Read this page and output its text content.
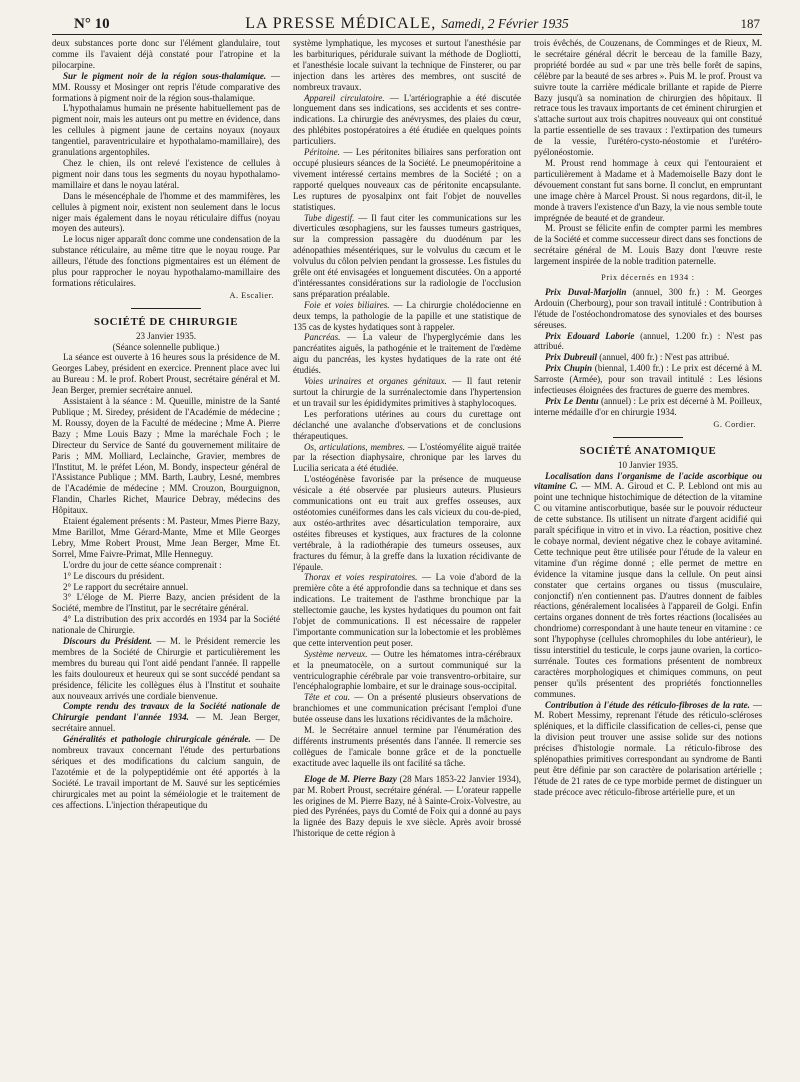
N° 10	LA PRESSE MÉDICALE, Samedi, 2 Février 1935	187

deux substances porte donc sur l'élément glandulaire, tout comme ils l'avaient déjà constaté pour l'atropine et la pilocarpine.

Sur le pigment noir de la région sous-thalamique. — MM. Roussy et Mosinger ont repris l'étude comparative des formations à pigment noir de la région sous-thalamique.

L'hypothalamus humain ne présente habituellement pas de pigment noir, mais les auteurs ont pu mettre en évidence, dans les cellules à pigment jaune de certains noyaux (noyaux tangentiel, paraventriculaire et hypothalamo-mamillaire), des granulations argentophiles.

Chez le chien, ils ont relevé l'existence de cellules à pigment noir dans tous les segments du noyau hypothalamo-mamillaire et dans le noyau latéral.

Dans le mésencéphale de l'homme et des mammifères, les cellules à pigment noir, existent non seulement dans le locus niger mais également dans le noyau réticulaire diffus (noyau moyen des auteurs).

Le locus niger apparaît donc comme une condensation de la substance réticulaire, au même titre que le noyau rouge. Par ailleurs, l'étude des fonctions pigmentaires est un élément de plus pour rapprocher le noyau hypothalamo-mamillaire des formations réticulaires.

A. Escalier.
SOCIÉTÉ DE CHIRURGIE
23 Janvier 1935.
(Séance solennelle publique.)

La séance est ouverte à 16 heures sous la présidence de M. Georges Labey, président en exercice. Prennent place avec lui au Bureau : M. le prof. Robert Proust, secrétaire général et M. Jean Berger, premier secrétaire annuel.

Assistaient à la séance : M. Queuille, ministre de la Santé Publique ; M. Siredey, président de l'Académie de médecine ; M. Roussy, doyen de la Faculté de médecine ; Mme A. Pierre Bazy ; Mme Louis Bazy ; Mme la maréchale Foch ; le Directeur du Service de Santé du gouvernement militaire de Paris ; MM. Molliard, Leclainche, Gravier, membres de l'Institut, M. le préfet Léon, M. Bondy, inspecteur général de l'Assistance Publique ; MM. Barth, Laubry, Lesné, membres de l'Académie de médecine ; MM. Crouzon, Bourguignon, Flandin, Charles Richet, Maurice Debray, médecins des Hôpitaux.

Etaient également présents : M. Pasteur, Mmes Pierre Bazy, Mme Barillot, Mme Gérard-Mante, Mme et Mlle Georges Lebry, Mme Robert Proust, Mme Jean Berger, Mme Et. Sorrel, Mme Faivre-Primat, Mlle Henneguy.

L'ordre du jour de cette séance comprenait :

1° Le discours du président.

2° Le rapport du secrétaire annuel.

3° L'éloge de M. Pierre Bazy, ancien président de la Société, membre de l'Institut, par le secrétaire général.

4° La distribution des prix accordés en 1934 par la Société nationale de Chirurgie.

Discours du Président. — M. le Président remercie les membres de la Société de Chirurgie et particulièrement les membres du bureau qui l'ont aidé pendant l'année. Il rappelle les faits douloureux et heureux qui se sont succédé pendant sa présidence, félicite les collègues élus à l'Institut et souhaite aux nouveaux arrivés une cordiale bienvenue.

Compte rendu des travaux de la Société nationale de Chirurgie pendant l'année 1934. — M. Jean Berger, secrétaire annuel.

Généralités et pathologie chirurgicale générale. — De nombreux travaux concernant l'étude des perturbations sériques et des modifications du calcium sanguin, de l'azotémie et de la polypeptidémie ont été apportés à la Société. Le travail important de M. Sauvé sur les septicémies chirurgicales met au point la séméiologie et le traitement de ces affections. L'injection thérapeutique du

système lymphatique, les mycoses et surtout l'anesthésie par les barbituriques, péridurale suivant la méthode de Dogliotti, et l'anesthésie locale suivant la technique de Finsterer, ou par injection dans les artères des membres, ont suscité de nombreux travaux.

Appareil circulatoire. — L'artériographie a été discutée longuement dans ses indications, ses accidents et ses contre-indications. La chirurgie des anévrysmes, des plaies du cœur, des phlébites postopératoires a été étudiée en quelques points particuliers.

Péritoine. — Les péritonites biliaires sans perforation ont occupé plusieurs séances de la Société. Le pneumopéritoine a vivement intéressé certains membres de la Société ; on a rapporté quelques nouveaux cas de péritonite encapsulante. Les ruptures de pyosalpinx ont fait l'objet de nouvelles statistiques.

Tube digestif. — Il faut citer les communications sur les diverticules œsophagiens, sur les fausses tumeurs gastriques, sur la compression passagère du duodénum par les adénopathies mésentériques, sur le volvulus du cæcum et le volvulus du côlon pelvien pendant la grossesse. Les fistules du grêle ont été envisagées et longuement discutées. On a apporté d'intéressantes considérations sur la radiologie de l'occlusion sans préparation préalable.

Foie et voies biliaires. — La chirurgie cholédocienne en deux temps, la pathologie de la papille et une statistique de 135 cas de kystes hydatiques sont à rappeler.

Pancréas. — La valeur de l'hyperglycémie dans les pancréatites aiguës, la pathogénie et le traitement de l'œdème aigu du pancréas, les kystes hydatiques de la rate ont été étudiés.

Voies urinaires et organes génitaux. — Il faut retenir surtout la chirurgie de la surrénalectomie dans l'hypertension et un travail sur les épididymites primitives à staphylocoques.

Les perforations utérines au cours du curettage ont déclanché une avalanche d'observations et de conclusions thérapeutiques.

Os, articulations, membres. — L'ostéomyélite aiguë traitée par la résection diaphysaire, chronique par les larves du Lucilia sericata a été étudiée.

L'ostéogénèse favorisée par la présence de muqueuse vésicale a été observée par plusieurs auteurs. Plusieurs communications ont eu trait aux greffes osseuses, aux ostéotomies cunéiformes dans les cals vicieux du cou-de-pied, aux ostéo-arthrites avec désarticulation temporaire, aux ostéites fibreuses et kystiques, aux fractures de la colonne vertébrale, à la radiothérapie des tumeurs osseuses, aux fractures du fémur, à la greffe dans la luxation récidivante de l'épaule.

Thorax et voies respiratoires. — La voie d'abord de la première côte a été approfondie dans sa technique et dans ses indications. Le traitement de l'asthme bronchique par la stellectomie gauche, les kystes hydatiques du poumon ont fait l'objet de communications. Il est nécessaire de rappeler l'importante communication sur la lobectomie et les problèmes que cette intervention peut poser.

Système nerveux. — Outre les hématomes intra-cérébraux et la pneumatocèle, on a surtout communiqué sur la ventriculographie cérébrale par voie transventro-orbitaire, sur l'encéphalographie lombaire, et sur le drainage sous-occipital.

Tête et cou. — On a présenté plusieurs observations de branchiomes et une communication précisant l'emploi d'une butée osseuse dans les luxations récidivantes de la mâchoire.

M. le Secrétaire annuel termine par l'énumération des différents instruments présentés dans l'année. Il remercie ses collègues de l'amicale bonne grâce et de la ponctuelle exactitude avec laquelle ils ont facilité sa tâche.

Eloge de M. Pierre Bazy (28 Mars 1853-22 Janvier 1934), par M. Robert Proust, secrétaire général. — L'orateur rappelle les origines de M. Pierre Bazy, né à Sainte-Croix-Volvestre, au pied des Pyrénées, pays du Comté de Foix qui a donné au pays la lignée des Bazy depuis le xve siècle. Après avoir brossé l'historique de cette région à

trois évêchés, de Couzenans, de Comminges et de Rieux, M. le secrétaire général décrit le berceau de la famille Bazy, propriété bordée au sud « par une très belle forêt de sapins, célèbre par la beauté de ses arbres ». Puis M. le prof. Proust va suivre toute la carrière médicale brillante et rapide de Pierre Bazy jusqu'à sa nomination de chirurgien des hôpitaux. Il retrace tous les travaux importants de cet éminent chirurgien et s'attache surtout aux trois chapitres nouveaux qui ont constitué la partie essentielle de ses travaux : l'extirpation des tumeurs de la vessie, l'urétéro-cysto-néostomie et l'urétéro-pyélonéostomie.

M. Proust rend hommage à ceux qui l'entouraient et particulièrement à Madame et à Mademoiselle Bazy dont le dévouement constant fut sans borne. Il conclut, en empruntant une image chère à Marcel Proust. Si nous regardons, dit-il, le monde à travers l'existence d'un Bazy, la vie nous semble toute imprégnée de beauté et de grandeur.

M. Proust se félicite enfin de compter parmi les membres de la Société et comme successeur direct dans ses fonctions de secrétaire général de M. Louis Bazy dont l'œuvre reste largement inspirée de la noble tradition paternelle.

Prix décernés en 1934 :

Prix Duval-Marjolin (annuel, 300 fr.) : M. Georges Ardouin (Cherbourg), pour son travail intitulé : Contribution à l'étude de l'ostéochondromatose des synoviales et des bourses séreuses.

Prix Edouard Laborie (annuel, 1.200 fr.) : N'est pas attribué.

Prix Dubreuil (annuel, 400 fr.) : N'est pas attribué.

Prix Chupin (biennal, 1.400 fr.) : Le prix est décerné à M. Sarroste (Armée), pour son travail intitulé : Les lésions infectieuses éloignées des fractures de guerre des membres.

Prix Le Dentu (annuel) : Le prix est décerné à M. Poilleux, interne médaille d'or en chirurgie 1934.

G. Cordier.
SOCIÉTÉ ANATOMIQUE
10 Janvier 1935.

Localisation dans l'organisme de l'acide ascorbique ou vitamine C. — MM. A. Giroud et C. P. Leblond ont mis au point une technique histochimique de détection de la vitamine C ou vitamine antiscorbutique, basée sur le pouvoir réducteur de cette substance. Ils utilisent un nitrate d'argent acidifié qui paraît spécifique in vitro et in vivo. La réaction, positive chez le cobaye normal, devient négative chez le cobaye avitaminé. Cette technique peut être utilisée pour l'étude de la valeur en vitamine d'un régime donné ; elle permet de mettre en évidence la vitamine jusque dans la cellule. On peut ainsi constater que certains organes ou tissus (musculaire, conjonctif) n'en contiennent pas. D'autres donnent de faibles réactions, généralement localisées à l'appareil de Golgi. Enfin certains organes donnent de très fortes réactions (localisées au chondriome) correspondant à une haute teneur en vitamine : ce sont l'hypophyse (cellules chromophiles du lobe antérieur), le tissu interstitiel du testicule, le corps jaune ovarien, la cortico-surrénale. Toutes ces formations présentent de nombreux caractères morphologiques et chimiques communs, on peut penser qu'ils présentent des propriétés fonctionnelles communes.

Contribution à l'étude des réticulo-fibroses de la rate. — M. Robert Messimy, reprenant l'étude des réticulo-scléroses spléniques, et la difficile classification de celles-ci, pense que la division peut trouver une assise solide sur des notions précises d'histologie normale. La réticulo-fibrose des splénopathies primitives correspondant au syndrome de Banti peut être définie par son caractère de polarisation artérielle ; l'étude de 21 rates de ce type morbide permet de distinguer un stade précoce avec réticulo-fibrose artérielle pure, et un
